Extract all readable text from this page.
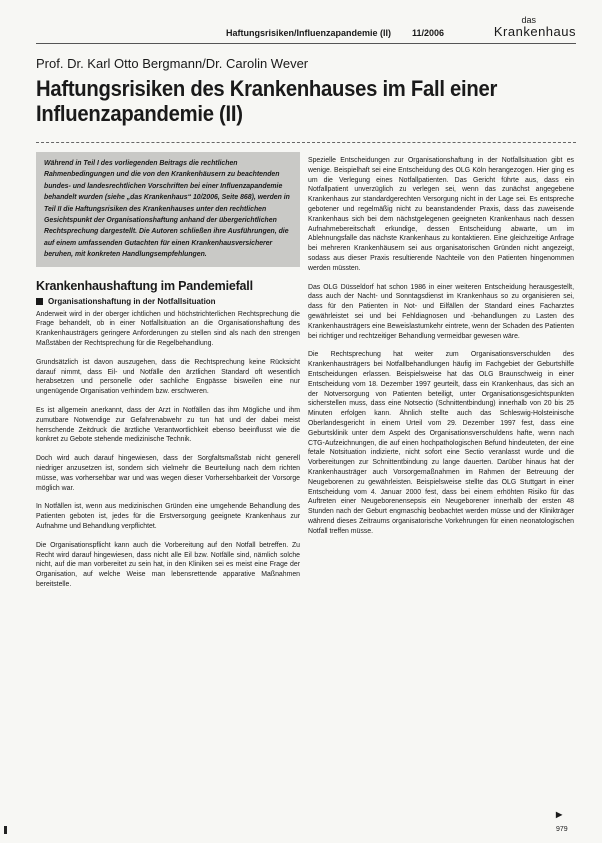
Haftungsrisiken/Influenzapandemie (II) 11/2006
das
Krankenhaus
Prof. Dr. Karl Otto Bergmann/Dr. Carolin Wever
Haftungsrisiken des Krankenhauses im Fall einer Influenzapandemie (II)
Während in Teil I des vorliegenden Beitrags die rechtlichen Rahmenbedingungen und die von den Krankenhäusern zu beachtenden bundes- und landesrechtlichen Vorschriften bei einer Influenzapandemie behandelt wurden (siehe „das Krankenhaus“ 10/2006, Seite 868), werden in Teil II die Haftungsrisiken des Krankenhauses unter den rechtlichen Gesichtspunkt der Organisationshaftung anhand der übergerichtlichen Rechtsprechung dargestellt. Die Autoren schließen ihre Ausführungen, die auf einem umfassenden Gutachten für einen Krankenhausversicherer beruhen, mit konkreten Handlungsempfehlungen.
Krankenhaushaftung im Pandemiefall
Organisationshaftung in der Notfallsituation

Anderweit wird in der oberger ichtlichen und höchstrichterlichen Rechtsprechung die Frage behandelt, ob in einer Notfallsituation an die Organisationshaftung des Krankenhausträgers geringere Anforderungen zu stellen sind als nach den strengen Maßstäben der Rechtsprechung für die Regelbehandlung.

Grundsätzlich ist davon auszugehen, dass die Rechtsprechung keine Rücksicht darauf nimmt, dass Eil- und Notfälle den ärztlichen Standard oft wesentlich herabsetzen und personelle oder sachliche Engpässe bisweilen eine nur ungenügende Organisation verhindern bzw. erschweren.

Es ist allgemein anerkannt, dass der Arzt in Notfällen das ihm Mögliche und ihm zumutbare Notwendige zur Gefahrenabwehr zu tun hat und der dabei meist herrschende Zeitdruck die ärztliche Verantwortlichkeit ebenso beeinflusst wie die konkret zu Gebote stehende medizinische Technik.

Doch wird auch darauf hingewiesen, dass der Sorgfaltsmaßstab nicht generell niedriger anzusetzen ist, sondern sich vielmehr die Beurteilung nach dem richten müsse, was vorhersehbar war und was wegen dieser Vorhersehbarkeit der Vorsorge möglich war.

In Notfällen ist, wenn aus medizinischen Gründen eine umgehende Behandlung des Patienten geboten ist, jedes für die Erstversorgung geeignete Krankenhaus zur Aufnahme und Behandlung verpflichtet.

Die Organisationspflicht kann auch die Vorbereitung auf den Notfall betreffen. Zu Recht wird darauf hingewiesen, dass nicht alle Eil bzw. Notfälle sind, nämlich solche nicht, auf die man vorbereitet zu sein hat, in den Kliniken sei es meist eine Frage der Organisation, auf welche Weise man lebensrettende apparative Maßnahmen bereitstelle.

Spezielle Entscheidungen zur Organisationshaftung in der Notfallsituation gibt es wenige. Beispielhaft sei eine Entscheidung des OLG Köln herangezogen. Hier ging es um die Verlegung eines Notfallpatienten. Das Gericht führte aus, dass ein Notfallpatient unverzüglich zu verlegen sei, wenn das zunächst angegebene Krankenhaus zur standardgerechten Versorgung nicht in der Lage sei. Es entspreche gebotener und regelmäßig nicht zu beanstandender Praxis, dass das zuweisende Krankenhaus sich bei dem nächstgelegenen geeigneten Krankenhaus nach dessen Aufnahmebereitschaft erkundige, dessen Entscheidung abwarte, um im Ablehnungsfalle das nächste Krankenhaus zu kontaktieren. Eine gleichzeitige Anfrage bei mehreren Krankenhäusern sei aus organisatorischen Gründen nicht angezeigt, sodass aus dieser Praxis resultierende Nachteile von den Patienten hingenommen werden müssten.

Das OLG Düsseldorf hat schon 1986 in einer weiteren Entscheidung herausgestellt, dass auch der Nacht- und Sonntagsdienst im Krankenhaus so zu organisieren sei, dass für den Patienten in Not- und Eilfällen der Standard eines Facharztes gewährleistet sei und bei Fehldiagnosen und -behandlungen zu Lasten des Krankenhausträgers eine Beweislastumkehr eintrete, wenn der Schaden des Patienten bei richtiger und rechtzeitiger Behandlung vermeidbar gewesen wäre.

Die Rechtsprechung hat weiter zum Organisationsverschulden des Krankenhausträgers bei Notfallbehandlungen häufig im Fachgebiet der Geburtshilfe Entscheidungen erlassen. Beispielsweise hat das OLG Braunschweig in einer Entscheidung vom 18. Dezember 1997 geurteilt, dass ein Krankenhaus, das sich an der Notversorgung von Patienten beteiligt, unter Organisationsgesichtspunkten sicherstellen muss, dass eine Notsectio (Schnittentbindung) innerhalb von 20 bis 25 Minuten erfolgen kann. Ähnlich stellte auch das Schleswig-Holsteinische Oberlandesgericht in einem Urteil vom 29. Dezember 1997 fest, dass eine Geburtsklinik unter dem Aspekt des Organisationsverschuldens hafte, wenn nach CTG-Aufzeichnungen, die auf einen hochpathologischen Befund hindeuteten, der eine fetale Notsituation indizierte, nicht sofort eine Sectio veranlasst wurde und die Vorbereitungen zur Schnittentbindung zu lange dauerten. Darüber hinaus hat der Krankenhausträger auch Vorsorgemaßnahmen im Rahmen der Betreuung der Neugeborenen zu gewährleisten. Beispielsweise stellte das OLG Stuttgart in einer Entscheidung vom 4. Januar 2000 fest, dass bei einem erhöhten Risiko für das Auftreten einer Neugeborenensepsis ein Neugeborener innerhalb der ersten 48 Stunden nach der Geburt engmaschig beobachtet werden müsse und der Klinikträger während dieses Zeitraums organisatorische Vorkehrungen für einen neonatologischen Notfall treffen müsse.

▶
979
